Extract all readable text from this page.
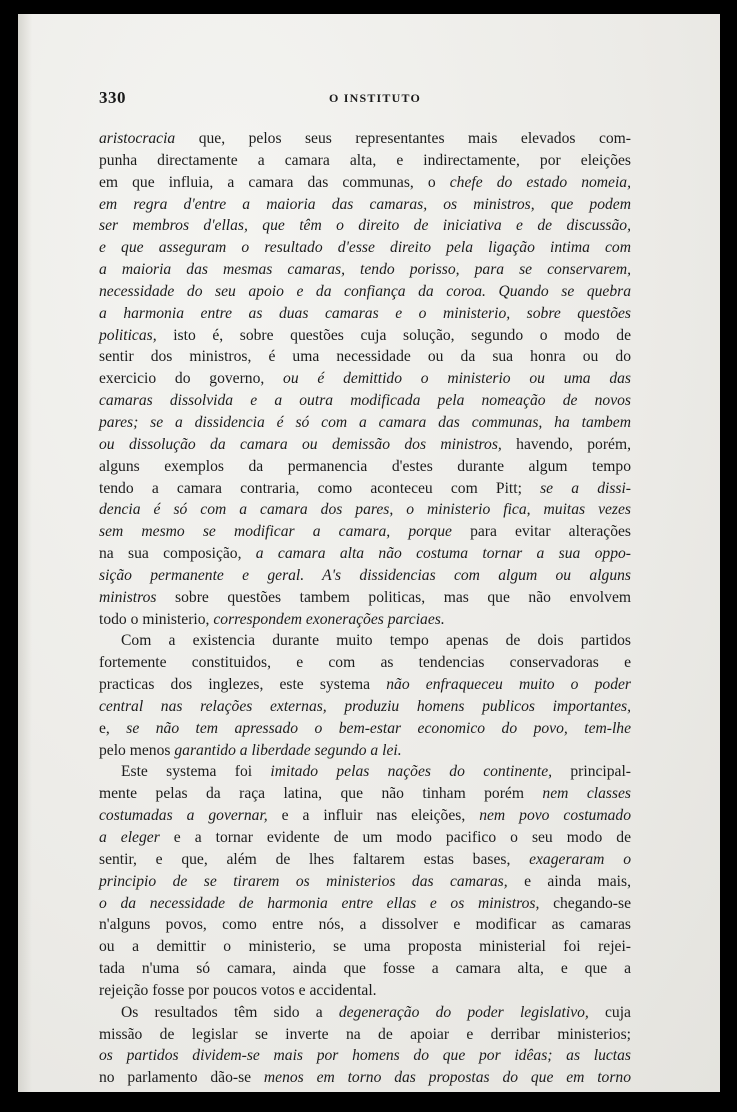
330	O INSTITUTO
aristocracia que, pelos seus representantes mais elevados com-
punha directamente a camara alta, e indirectamente, por eleições
em que influia, a camara das communas, o chefe do estado nomeia,
em regra d'entre a maioria das camaras, os ministros, que podem
ser membros d'ellas, que têm o direito de iniciativa e de discussão,
e que asseguram o resultado d'esse direito pela ligação intima com
a maioria das mesmas camaras, tendo porisso, para se conservarem,
necessidade do seu apoio e da confiança da coroa. Quando se quebra
a harmonia entre as duas camaras e o ministerio, sobre questões
politicas, isto é, sobre questões cuja solução, segundo o modo de
sentir dos ministros, é uma necessidade ou da sua honra ou do
exercicio do governo, ou é demittido o ministerio ou uma das
camaras dissolvida e a outra modificada pela nomeação de novos
pares; se a dissidencia é só com a camara das communas, ha tambem
ou dissolução da camara ou demissão dos ministros, havendo, porém,
alguns exemplos da permanencia d'estes durante algum tempo
tendo a camara contraria, como aconteceu com Pitt; se a dissi-
dencia é só com a camara dos pares, o ministerio fica, muitas vezes
sem mesmo se modificar a camara, porque para evitar alterações
na sua composição, a camara alta não costuma tornar a sua oppo-
sição permanente e geral. A's dissidencias com algum ou alguns
ministros sobre questões tambem politicas, mas que não envolvem
todo o ministerio, correspondem exonerações parciaes.
Com a existencia durante muito tempo apenas de dois partidos
fortemente constituidos, e com as tendencias conservadoras e
practicas dos inglezes, este systema não enfraqueceu muito o poder
central nas relações externas, produziu homens publicos importantes,
e, se não tem apressado o bem-estar economico do povo, tem-lhe
pelo menos garantido a liberdade segundo a lei.
Este systema foi imitado pelas nações do continente, principal-
mente pelas da raça latina, que não tinham porém nem classes
costumadas a governar, e a influir nas eleições, nem povo costumado
a eleger e a tornar evidente de um modo pacifico o seu modo de
sentir, e que, além de lhes faltarem estas bases, exageraram o
principio de se tirarem os ministerios das camaras, e ainda mais,
o da necessidade de harmonia entre ellas e os ministros, chegando-se
n'alguns povos, como entre nós, a dissolver e modificar as camaras
ou a demittir o ministerio, se uma proposta ministerial foi rejei-
tada n'uma só camara, ainda que fosse a camara alta, e que a
rejeição fosse por poucos votos e accidental.
Os resultados têm sido a degeneração do poder legislativo, cuja
missão de legislar se inverte na de apoiar e derribar ministerios;
os partidos dividem-se mais por homens do que por idêas; as luctas
no parlamento dão-se menos em torno das propostas do que em torno
